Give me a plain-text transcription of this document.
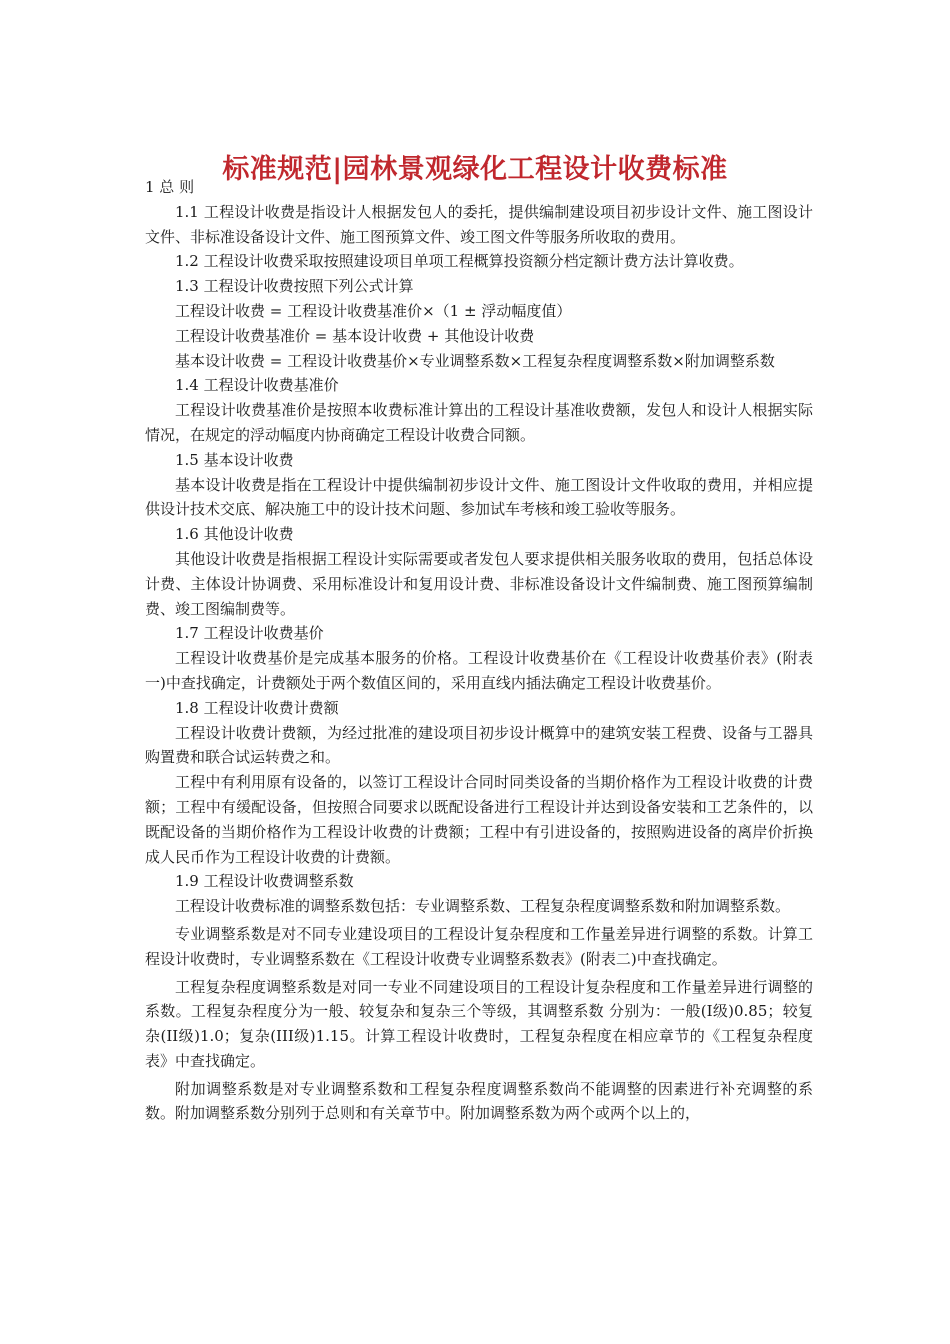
标准规范|园林景观绿化工程设计收费标准

1 总 则

1.1 工程设计收费是指设计人根据发包人的委托，提供编制建设项目初步设计文件、施工图设计文件、非标准设备设计文件、施工图预算文件、竣工图文件等服务所收取的费用。

1.2 工程设计收费采取按照建设项目单项工程概算投资额分档定额计费方法计算收费。

1.3 工程设计收费按照下列公式计算

工程设计收费 = 工程设计收费基准价×（1 ± 浮动幅度值）

工程设计收费基准价 = 基本设计收费 + 其他设计收费

基本设计收费 = 工程设计收费基价×专业调整系数×工程复杂程度调整系数×附加调整系数

1.4 工程设计收费基准价

工程设计收费基准价是按照本收费标准计算出的工程设计基准收费额，发包人和设计人根据实际情况，在规定的浮动幅度内协商确定工程设计收费合同额。

1.5 基本设计收费

基本设计收费是指在工程设计中提供编制初步设计文件、施工图设计文件收取的费用，并相应提供设计技术交底、解决施工中的设计技术问题、参加试车考核和竣工验收等服务。

1.6 其他设计收费

其他设计收费是指根据工程设计实际需要或者发包人要求提供相关服务收取的费用，包括总体设计费、主体设计协调费、采用标准设计和复用设计费、非标准设备设计文件编制费、施工图预算编制费、竣工图编制费等。

1.7 工程设计收费基价

工程设计收费基价是完成基本服务的价格。工程设计收费基价在《工程设计收费基价表》(附表一)中查找确定，计费额处于两个数值区间的，采用直线内插法确定工程设计收费基价。

1.8 工程设计收费计费额

工程设计收费计费额，为经过批准的建设项目初步设计概算中的建筑安装工程费、设备与工器具购置费和联合试运转费之和。

工程中有利用原有设备的，以签订工程设计合同时同类设备的当期价格作为工程设计收费的计费额；工程中有缓配设备，但按照合同要求以既配设备进行工程设计并达到设备安装和工艺条件的，以既配设备的当期价格作为工程设计收费的计费额；工程中有引进设备的，按照购进设备的离岸价折换成人民币作为工程设计收费的计费额。

1.9 工程设计收费调整系数

工程设计收费标准的调整系数包括：专业调整系数、工程复杂程度调整系数和附加调整系数。

专业调整系数是对不同专业建设项目的工程设计复杂程度和工作量差异进行调整的系数。计算工程设计收费时，专业调整系数在《工程设计收费专业调整系数表》(附表二)中查找确定。

工程复杂程度调整系数是对同一专业不同建设项目的工程设计复杂程度和工作量差异进行调整的系数。工程复杂程度分为一般、较复杂和复杂三个等级，其调整系数 分别为：一般(I级)0.85；较复杂(II级)1.0；复杂(III级)1.15。计算工程设计收费时，工程复杂程度在相应章节的《工程复杂程度表》中查找确定。

附加调整系数是对专业调整系数和工程复杂程度调整系数尚不能调整的因素进行补充调整的系数。附加调整系数分别列于总则和有关章节中。附加调整系数为两个或两个以上的，
